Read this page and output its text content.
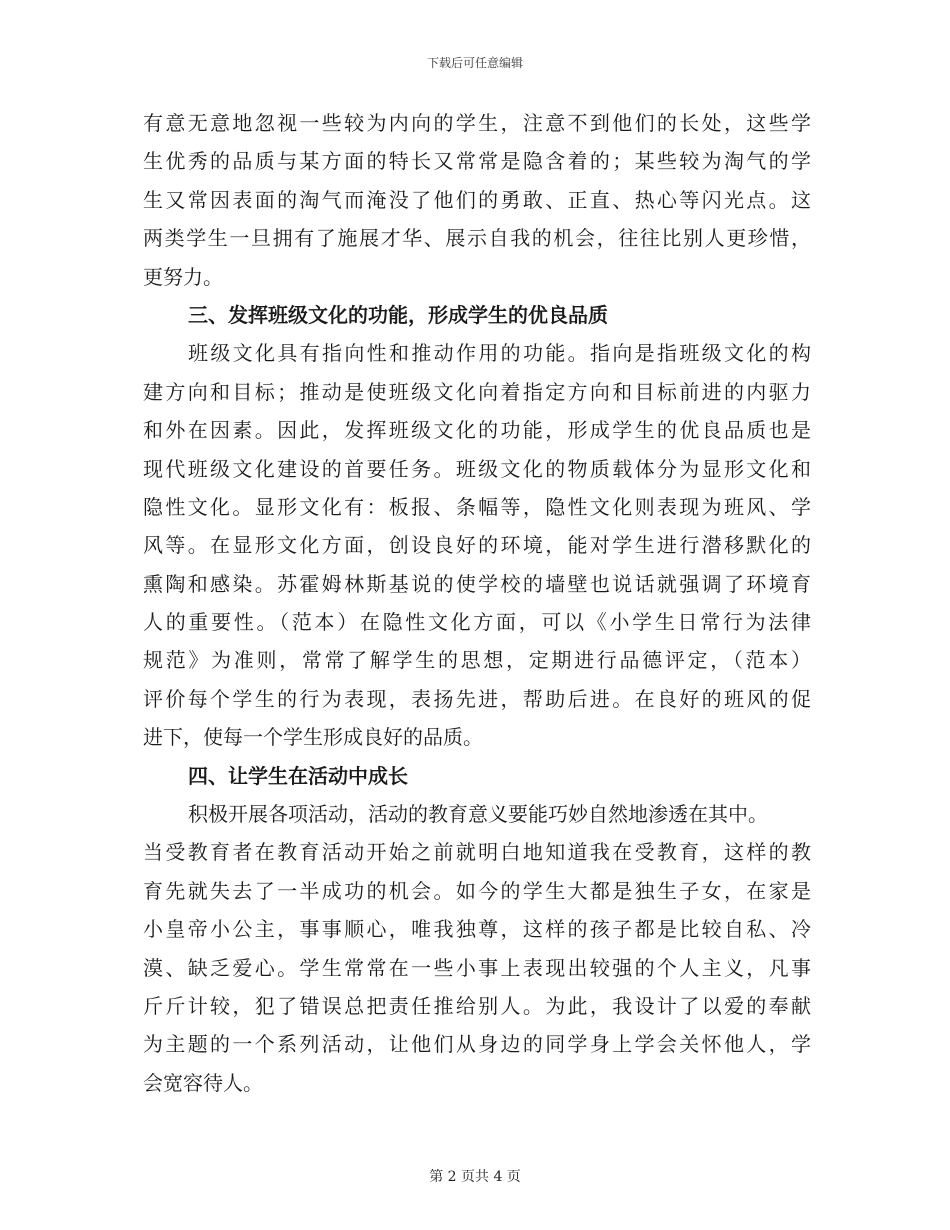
下载后可任意编辑
有意无意地忽视一些较为内向的学生，注意不到他们的长处，这些学
生优秀的品质与某方面的特长又常常是隐含着的；某些较为淘气的学
生又常因表面的淘气而淹没了他们的勇敢、正直、热心等闪光点。这
两类学生一旦拥有了施展才华、展示自我的机会，往往比别人更珍惜，
更努力。
三、发挥班级文化的功能，形成学生的优良品质
班级文化具有指向性和推动作用的功能。指向是指班级文化的构
建方向和目标；推动是使班级文化向着指定方向和目标前进的内驱力
和外在因素。因此，发挥班级文化的功能，形成学生的优良品质也是
现代班级文化建设的首要任务。班级文化的物质载体分为显形文化和
隐性文化。显形文化有：板报、条幅等，隐性文化则表现为班风、学
风等。在显形文化方面，创设良好的环境，能对学生进行潜移默化的
熏陶和感染。苏霍姆林斯基说的使学校的墙壁也说话就强调了环境育
人的重要性。（范本）在隐性文化方面，可以《小学生日常行为法律
规范》为准则，常常了解学生的思想，定期进行品德评定，（范本）
评价每个学生的行为表现，表扬先进，帮助后进。在良好的班风的促
进下，使每一个学生形成良好的品质。
四、让学生在活动中成长
积极开展各项活动，活动的教育意义要能巧妙自然地渗透在其中。
当受教育者在教育活动开始之前就明白地知道我在受教育，这样的教
育先就失去了一半成功的机会。如今的学生大都是独生子女，在家是
小皇帝小公主，事事顺心，唯我独尊，这样的孩子都是比较自私、冷
漠、缺乏爱心。学生常常在一些小事上表现出较强的个人主义，凡事
斤斤计较，犯了错误总把责任推给别人。为此，我设计了以爱的奉献
为主题的一个系列活动，让他们从身边的同学身上学会关怀他人，学
会宽容待人。
第 2 页共 4 页
